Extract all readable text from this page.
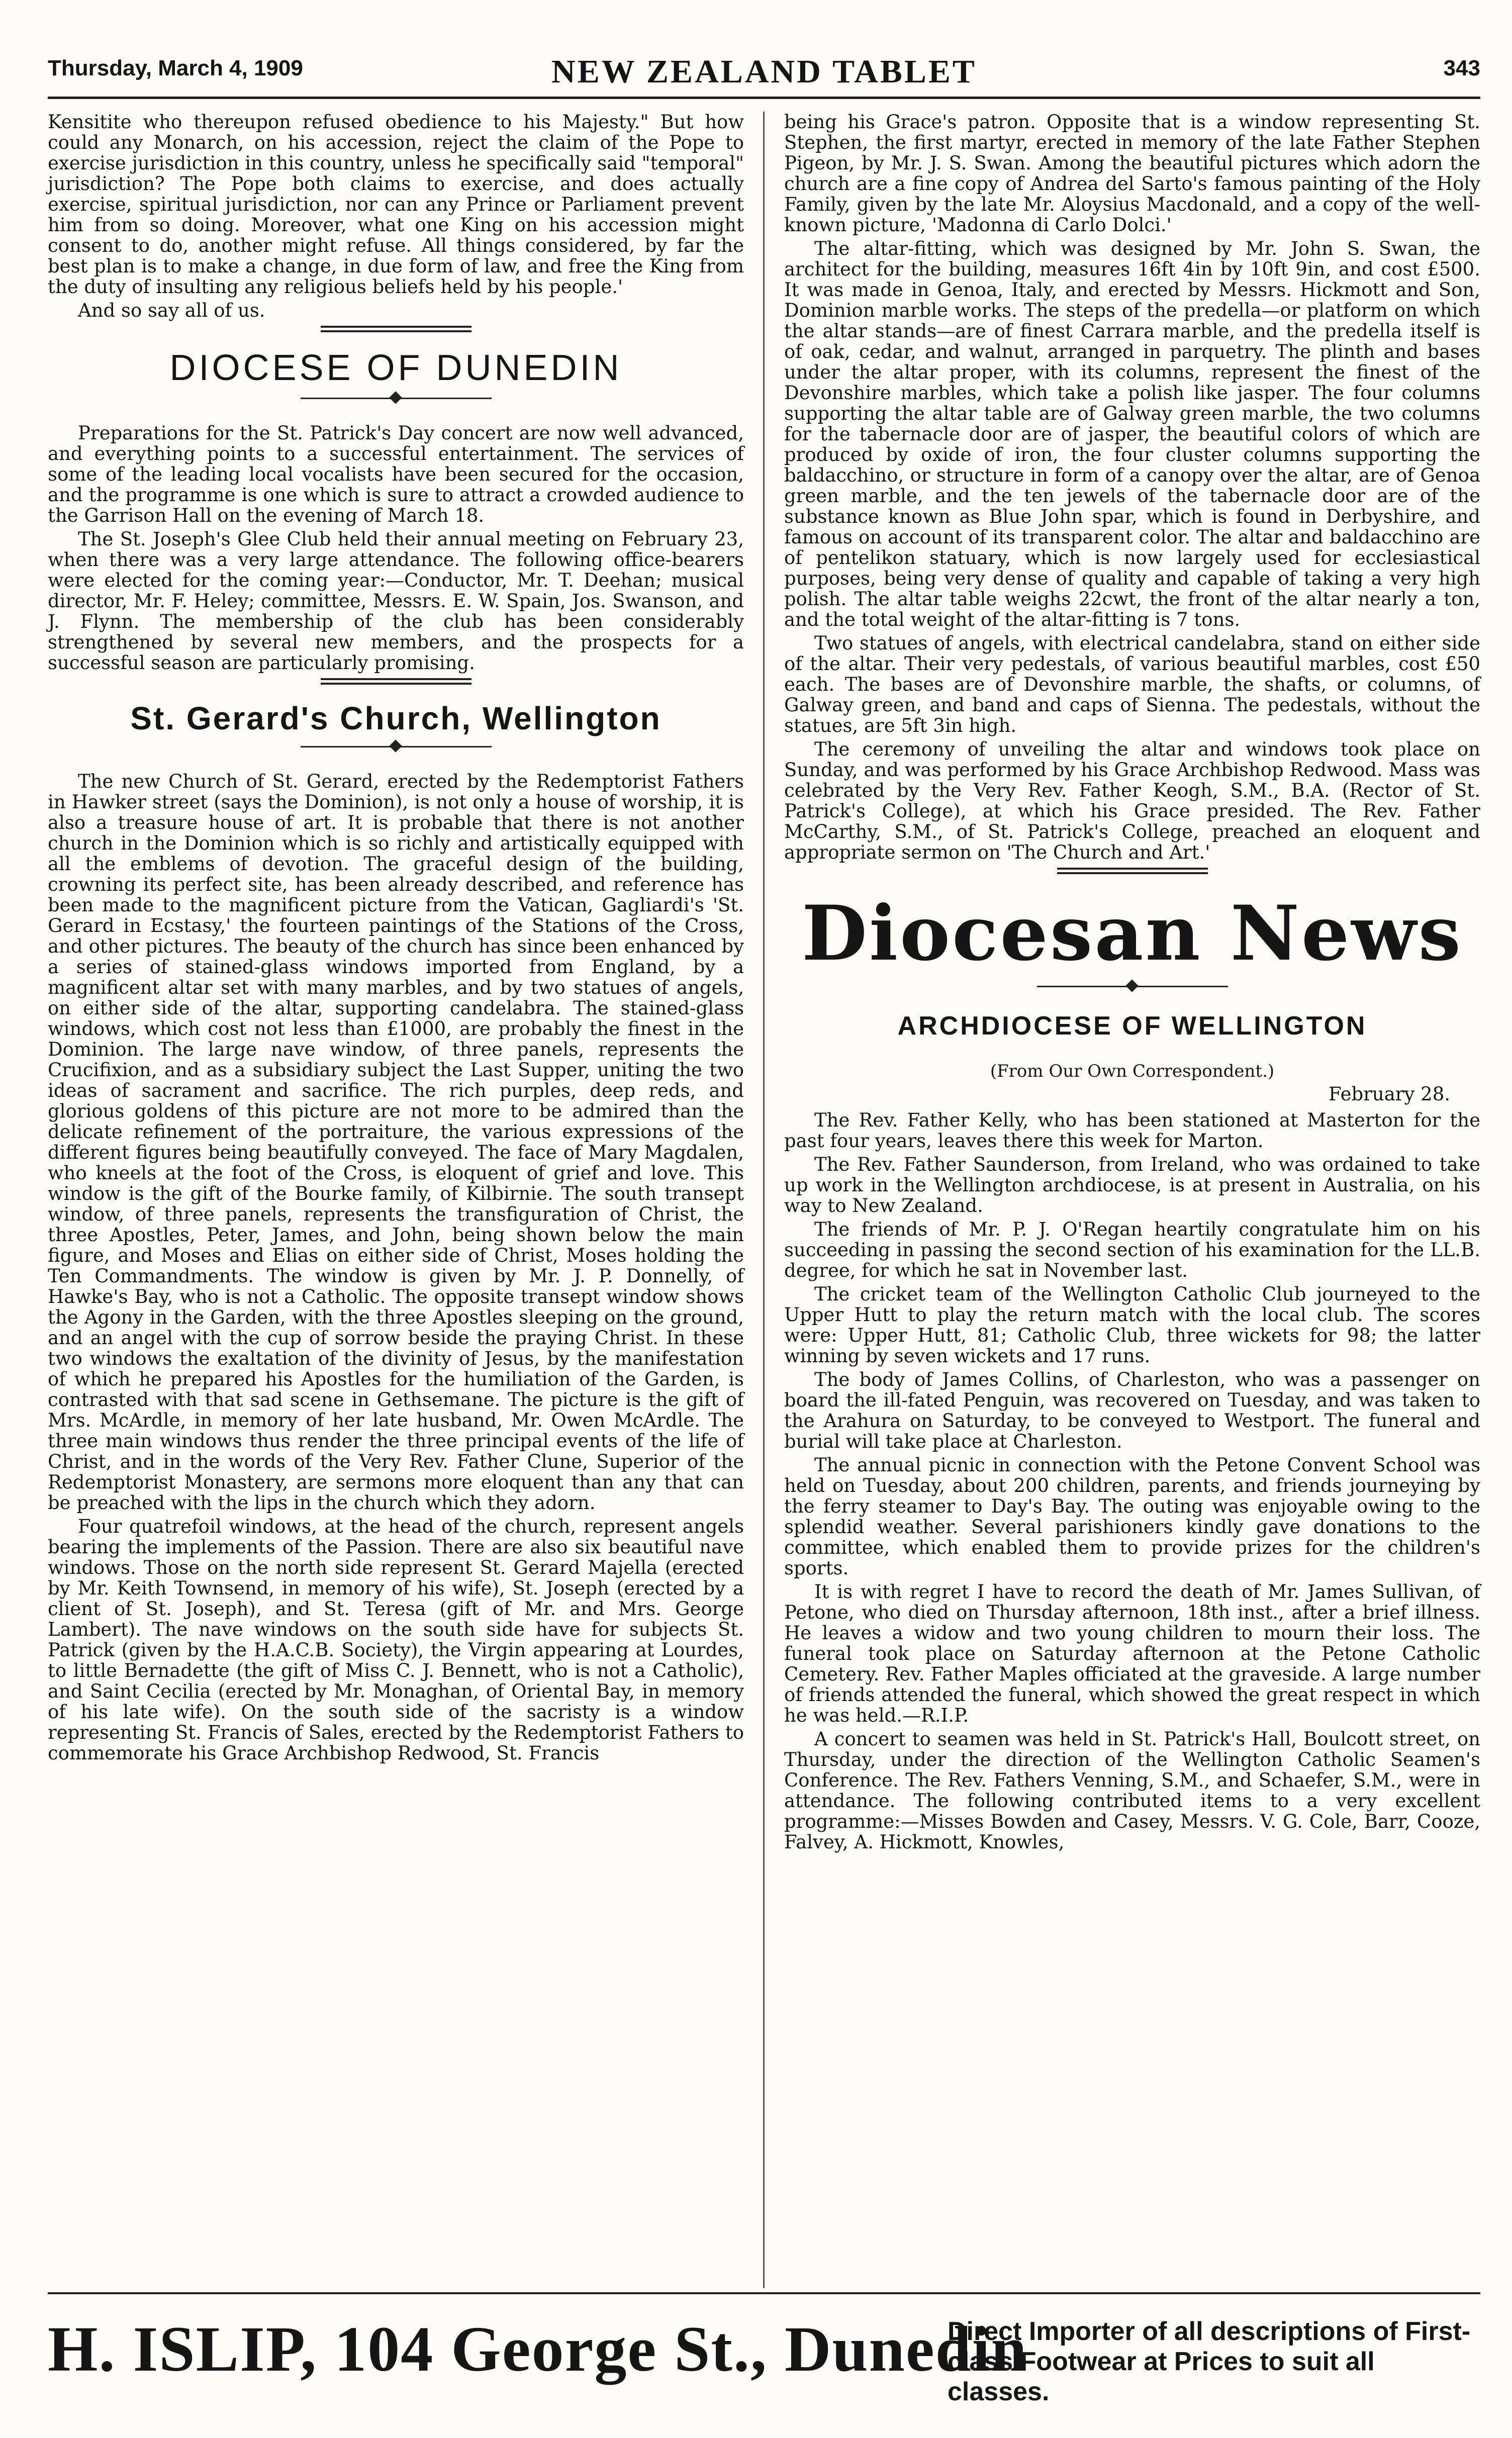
Thursday, March 4, 1909	NEW ZEALAND TABLET	343

Kensitite who thereupon refused obedience to his Majesty." But how could any Monarch, on his accession, reject the claim of the Pope to exercise jurisdiction in this country, unless he specifically said "temporal" jurisdiction? The Pope both claims to exercise, and does actually exercise, spiritual jurisdiction, nor can any Prince or Parliament prevent him from so doing. Moreover, what one King on his accession might consent to do, another might refuse. All things considered, by far the best plan is to make a change, in due form of law, and free the King from the duty of insulting any religious beliefs held by his people.'

And so say all of us.

DIOCESE OF DUNEDIN

Preparations for the St. Patrick's Day concert are now well advanced, and everything points to a successful entertainment. The services of some of the leading local vocalists have been secured for the occasion, and the programme is one which is sure to attract a crowded audience to the Garrison Hall on the evening of March 18.

The St. Joseph's Glee Club held their annual meeting on February 23, when there was a very large attendance. The following office-bearers were elected for the coming year:—Conductor, Mr. T. Deehan; musical director, Mr. F. Heley; committee, Messrs. E. W. Spain, Jos. Swanson, and J. Flynn. The membership of the club has been considerably strengthened by several new members, and the prospects for a successful season are particularly promising.

St. Gerard's Church, Wellington

The new Church of St. Gerard, erected by the Redemptorist Fathers in Hawker street (says the Dominion), is not only a house of worship, it is also a treasure house of art. It is probable that there is not another church in the Dominion which is so richly and artistically equipped with all the emblems of devotion. The graceful design of the building, crowning its perfect site, has been already described, and reference has been made to the magnificent picture from the Vatican, Gagliardi's 'St. Gerard in Ecstasy,' the fourteen paintings of the Stations of the Cross, and other pictures. The beauty of the church has since been enhanced by a series of stained-glass windows imported from England, by a magnificent altar set with many marbles, and by two statues of angels, on either side of the altar, supporting candelabra. The stained-glass windows, which cost not less than £1000, are probably the finest in the Dominion. The large nave window, of three panels, represents the Crucifixion, and as a subsidiary subject the Last Supper, uniting the two ideas of sacrament and sacrifice. The rich purples, deep reds, and glorious goldens of this picture are not more to be admired than the delicate refinement of the portraiture, the various expressions of the different figures being beautifully conveyed. The face of Mary Magdalen, who kneels at the foot of the Cross, is eloquent of grief and love. This window is the gift of the Bourke family, of Kilbirnie. The south transept window, of three panels, represents the transfiguration of Christ, the three Apostles, Peter, James, and John, being shown below the main figure, and Moses and Elias on either side of Christ, Moses holding the Ten Commandments. The window is given by Mr. J. P. Donnelly, of Hawke's Bay, who is not a Catholic. The opposite transept window shows the Agony in the Garden, with the three Apostles sleeping on the ground, and an angel with the cup of sorrow beside the praying Christ. In these two windows the exaltation of the divinity of Jesus, by the manifestation of which he prepared his Apostles for the humiliation of the Garden, is contrasted with that sad scene in Gethsemane. The picture is the gift of Mrs. McArdle, in memory of her late husband, Mr. Owen McArdle. The three main windows thus render the three principal events of the life of Christ, and in the words of the Very Rev. Father Clune, Superior of the Redemptorist Monastery, are sermons more eloquent than any that can be preached with the lips in the church which they adorn.

Four quatrefoil windows, at the head of the church, represent angels bearing the implements of the Passion. There are also six beautiful nave windows. Those on the north side represent St. Gerard Majella (erected by Mr. Keith Townsend, in memory of his wife), St. Joseph (erected by a client of St. Joseph), and St. Teresa (gift of Mr. and Mrs. George Lambert). The nave windows on the south side have for subjects St. Patrick (given by the H.A.C.B. Society), the Virgin appearing at Lourdes, to little Bernadette (the gift of Miss C. J. Bennett, who is not a Catholic), and Saint Cecilia (erected by Mr. Monaghan, of Oriental Bay, in memory of his late wife). On the south side of the sacristy is a window representing St. Francis of Sales, erected by the Redemptorist Fathers to commemorate his Grace Archbishop Redwood, St. Francis

being his Grace's patron. Opposite that is a window representing St. Stephen, the first martyr, erected in memory of the late Father Stephen Pigeon, by Mr. J. S. Swan. Among the beautiful pictures which adorn the church are a fine copy of Andrea del Sarto's famous painting of the Holy Family, given by the late Mr. Aloysius Macdonald, and a copy of the well-known picture, 'Madonna di Carlo Dolci.'

The altar-fitting, which was designed by Mr. John S. Swan, the architect for the building, measures 16ft 4in by 10ft 9in, and cost £500. It was made in Genoa, Italy, and erected by Messrs. Hickmott and Son, Dominion marble works. The steps of the predella—or platform on which the altar stands—are of finest Carrara marble, and the predella itself is of oak, cedar, and walnut, arranged in parquetry. The plinth and bases under the altar proper, with its columns, represent the finest of the Devonshire marbles, which take a polish like jasper. The four columns supporting the altar table are of Galway green marble, the two columns for the tabernacle door are of jasper, the beautiful colors of which are produced by oxide of iron, the four cluster columns supporting the baldacchino, or structure in form of a canopy over the altar, are of Genoa green marble, and the ten jewels of the tabernacle door are of the substance known as Blue John spar, which is found in Derbyshire, and famous on account of its transparent color. The altar and baldacchino are of pentelikon statuary, which is now largely used for ecclesiastical purposes, being very dense of quality and capable of taking a very high polish. The altar table weighs 22cwt, the front of the altar nearly a ton, and the total weight of the altar-fitting is 7 tons.

Two statues of angels, with electrical candelabra, stand on either side of the altar. Their very pedestals, of various beautiful marbles, cost £50 each. The bases are of Devonshire marble, the shafts, or columns, of Galway green, and band and caps of Sienna. The pedestals, without the statues, are 5ft 3in high.

The ceremony of unveiling the altar and windows took place on Sunday, and was performed by his Grace Archbishop Redwood. Mass was celebrated by the Very Rev. Father Keogh, S.M., B.A. (Rector of St. Patrick's College), at which his Grace presided. The Rev. Father McCarthy, S.M., of St. Patrick's College, preached an eloquent and appropriate sermon on 'The Church and Art.'

Diocesan News
ARCHDIOCESE OF WELLINGTON
(From Our Own Correspondent.)
February 28.

The Rev. Father Kelly, who has been stationed at Masterton for the past four years, leaves there this week for Marton.

The Rev. Father Saunderson, from Ireland, who was ordained to take up work in the Wellington archdiocese, is at present in Australia, on his way to New Zealand.

The friends of Mr. P. J. O'Regan heartily congratulate him on his succeeding in passing the second section of his examination for the LL.B. degree, for which he sat in November last.

The cricket team of the Wellington Catholic Club journeyed to the Upper Hutt to play the return match with the local club. The scores were: Upper Hutt, 81; Catholic Club, three wickets for 98; the latter winning by seven wickets and 17 runs.

The body of James Collins, of Charleston, who was a passenger on board the ill-fated Penguin, was recovered on Tuesday, and was taken to the Arahura on Saturday, to be conveyed to Westport. The funeral and burial will take place at Charleston.

The annual picnic in connection with the Petone Convent School was held on Tuesday, about 200 children, parents, and friends journeying by the ferry steamer to Day's Bay. The outing was enjoyable owing to the splendid weather. Several parishioners kindly gave donations to the committee, which enabled them to provide prizes for the children's sports.

It is with regret I have to record the death of Mr. James Sullivan, of Petone, who died on Thursday afternoon, 18th inst., after a brief illness. He leaves a widow and two young children to mourn their loss. The funeral took place on Saturday afternoon at the Petone Catholic Cemetery. Rev. Father Maples officiated at the graveside. A large number of friends attended the funeral, which showed the great respect in which he was held.—R.I.P.

A concert to seamen was held in St. Patrick's Hall, Boulcott street, on Thursday, under the direction of the Wellington Catholic Seamen's Conference. The Rev. Fathers Venning, S.M., and Schaefer, S.M., were in attendance. The following contributed items to a very excellent programme:—Misses Bowden and Casey, Messrs. V. G. Cole, Barr, Cooze, Falvey, A. Hickmott, Knowles,

H. ISLIP, 104 George St., Dunedin
Direct Importer of all descriptions of First-class Footwear at Prices to suit all classes.
